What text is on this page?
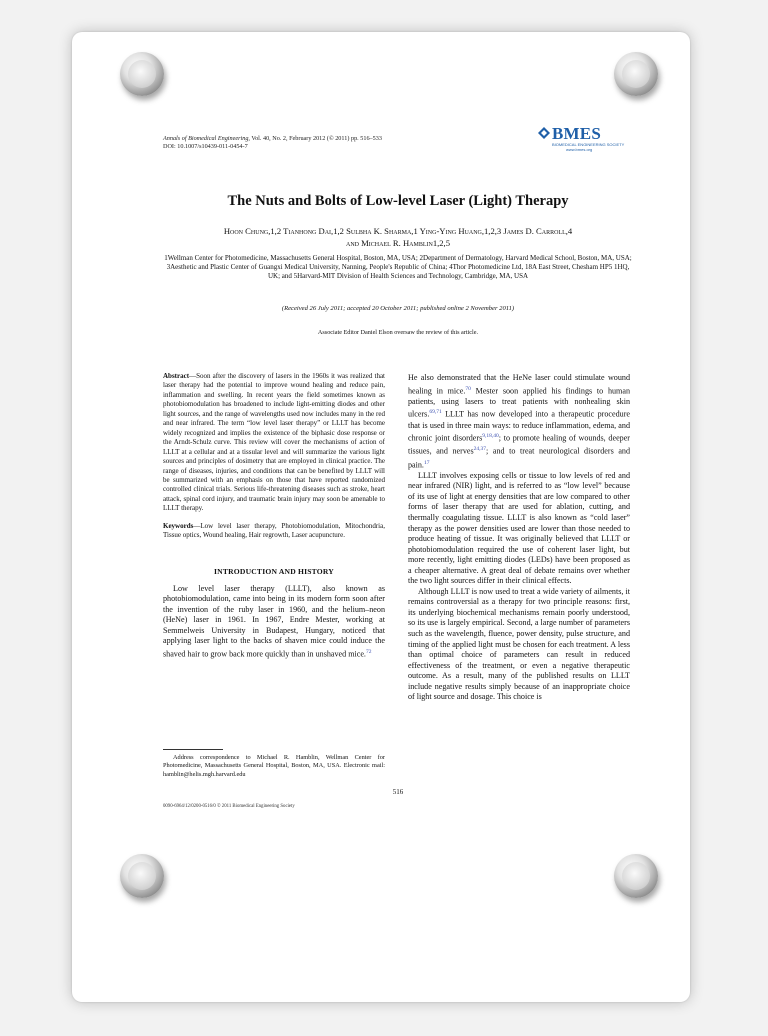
Annals of Biomedical Engineering, Vol. 40, No. 2, February 2012 (© 2011) pp. 516–533
DOI: 10.1007/s10439-011-0454-7
BMES
BIOMEDICAL ENGINEERING SOCIETY
www.bmes.org
The Nuts and Bolts of Low-level Laser (Light) Therapy
Hoon Chung,1,2 Tianhong Dai,1,2 Sulbha K. Sharma,1 Ying-Ying Huang,1,2,3 James D. Carroll,4
and Michael R. Hamblin1,2,5
1Wellman Center for Photomedicine, Massachusetts General Hospital, Boston, MA, USA; 2Department of Dermatology, Harvard Medical School, Boston, MA, USA; 3Aesthetic and Plastic Center of Guangxi Medical University, Nanning, People's Republic of China; 4Thor Photomedicine Ltd, 18A East Street, Chesham HP5 1HQ, UK; and 5Harvard-MIT Division of Health Sciences and Technology, Cambridge, MA, USA
(Received 26 July 2011; accepted 20 October 2011; published online 2 November 2011)
Associate Editor Daniel Elson oversaw the review of this article.
Abstract—Soon after the discovery of lasers in the 1960s it was realized that laser therapy had the potential to improve wound healing and reduce pain, inflammation and swelling. In recent years the field sometimes known as photobiomodulation has broadened to include light-emitting diodes and other light sources, and the range of wavelengths used now includes many in the red and near infrared. The term “low level laser therapy” or LLLT has become widely recognized and implies the existence of the biphasic dose response or the Arndt-Schulz curve. This review will cover the mechanisms of action of LLLT at a cellular and at a tissular level and will summarize the various light sources and principles of dosimetry that are employed in clinical practice. The range of diseases, injuries, and conditions that can be benefited by LLLT will be summarized with an emphasis on those that have reported randomized controlled clinical trials. Serious life-threatening diseases such as stroke, heart attack, spinal cord injury, and traumatic brain injury may soon be amenable to LLLT therapy.
Keywords—Low level laser therapy, Photobiomodulation, Mitochondria, Tissue optics, Wound healing, Hair regrowth, Laser acupuncture.
INTRODUCTION AND HISTORY

Low level laser therapy (LLLT), also known as photobiomodulation, came into being in its modern form soon after the invention of the ruby laser in 1960, and the helium–neon (HeNe) laser in 1961. In 1967, Endre Mester, working at Semmelweis University in Budapest, Hungary, noticed that applying laser light to the backs of shaven mice could induce the shaved hair to grow back more quickly than in unshaved mice.$^{72}$

He also demonstrated that the HeNe laser could stimulate wound healing in mice.$^{70}$ Mester soon applied his findings to human patients, using lasers to treat patients with nonhealing skin ulcers.$^{69,71}$ LLLT has now developed into a therapeutic procedure that is used in three main ways: to reduce inflammation, edema, and chronic joint disorders$^{9,18,40}$; to promote healing of wounds, deeper tissues, and nerves$^{24,37}$; and to treat neurological disorders and pain.$^{17}$

LLLT involves exposing cells or tissue to low levels of red and near infrared (NIR) light, and is referred to as “low level” because of its use of light at energy densities that are low compared to other forms of laser therapy that are used for ablation, cutting, and thermally coagulating tissue. LLLT is also known as “cold laser” therapy as the power densities used are lower than those needed to produce heating of tissue. It was originally believed that LLLT or photobiomodulation required the use of coherent laser light, but more recently, light emitting diodes (LEDs) have been proposed as a cheaper alternative. A great deal of debate remains over whether the two light sources differ in their clinical effects.

Although LLLT is now used to treat a wide variety of ailments, it remains controversial as a therapy for two principle reasons: first, its underlying biochemical mechanisms remain poorly understood, so its use is largely empirical. Second, a large number of parameters such as the wavelength, fluence, power density, pulse structure, and timing of the applied light must be chosen for each treatment. A less than optimal choice of parameters can result in reduced effectiveness of the treatment, or even a negative therapeutic outcome. As a result, many of the published results on LLLT include negative results simply because of an inappropriate choice of light source and dosage. This choice is

Address correspondence to Michael R. Hamblin, Wellman Center for Photomedicine, Massachusetts General Hospital, Boston, MA, USA. Electronic mail: hamblin@helis.mgh.harvard.edu
516
0090-6964/12/0200-0516/0 © 2011 Biomedical Engineering Society
